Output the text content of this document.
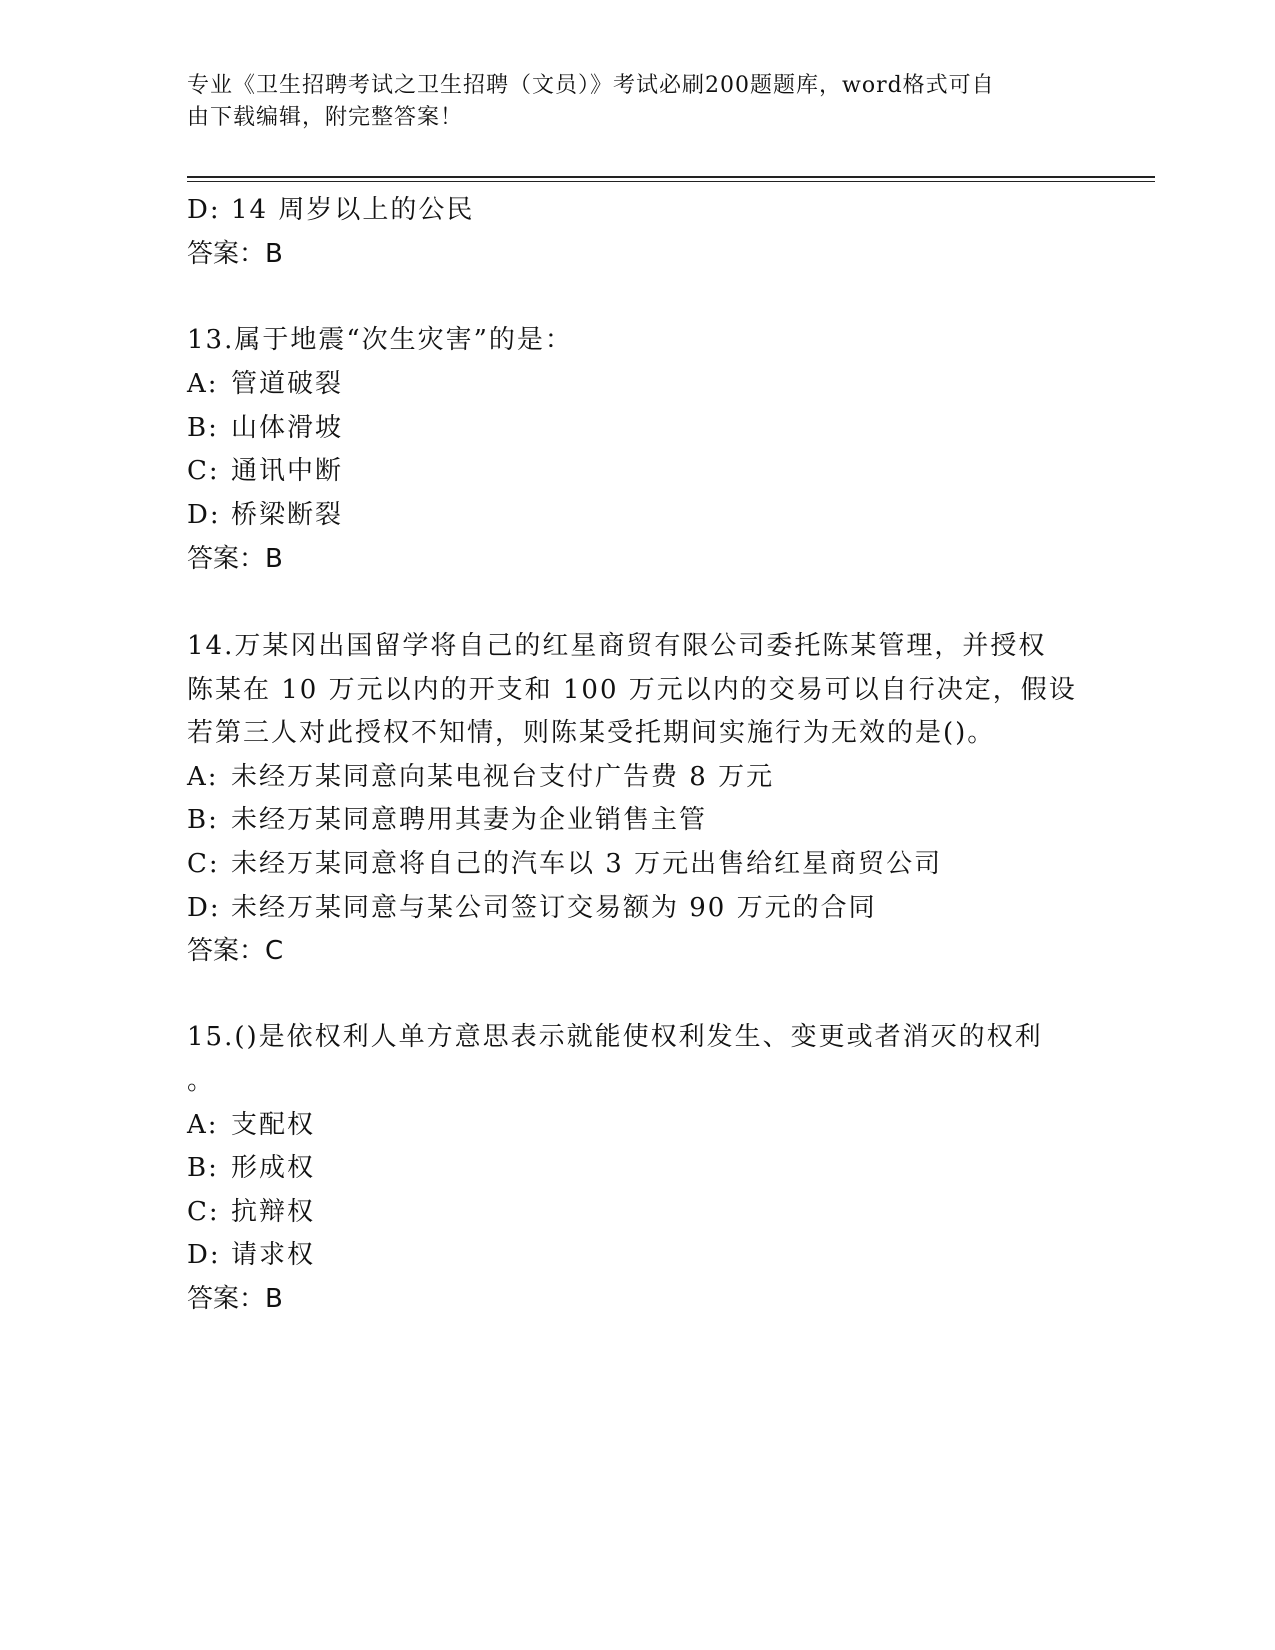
专业《卫生招聘考试之卫生招聘（文员）》考试必刷200题题库，word格式可自
由下载编辑，附完整答案！
D: 14 周岁以上的公民
答案：B
13.属于地震“次生灾害”的是：
A: 管道破裂
B: 山体滑坡
C: 通讯中断
D: 桥梁断裂
答案：B
14.万某冈出国留学将自己的红星商贸有限公司委托陈某管理，并授权
陈某在 10 万元以内的开支和 100 万元以内的交易可以自行决定，假设
若第三人对此授权不知情，则陈某受托期间实施行为无效的是()。
A: 未经万某同意向某电视台支付广告费 8 万元
B: 未经万某同意聘用其妻为企业销售主管
C: 未经万某同意将自己的汽车以 3 万元出售给红星商贸公司
D: 未经万某同意与某公司签订交易额为 90 万元的合同
答案：C
15.()是依权利人单方意思表示就能使权利发生、变更或者消灭的权利
。
A: 支配权
B: 形成权
C: 抗辩权
D: 请求权
答案：B
